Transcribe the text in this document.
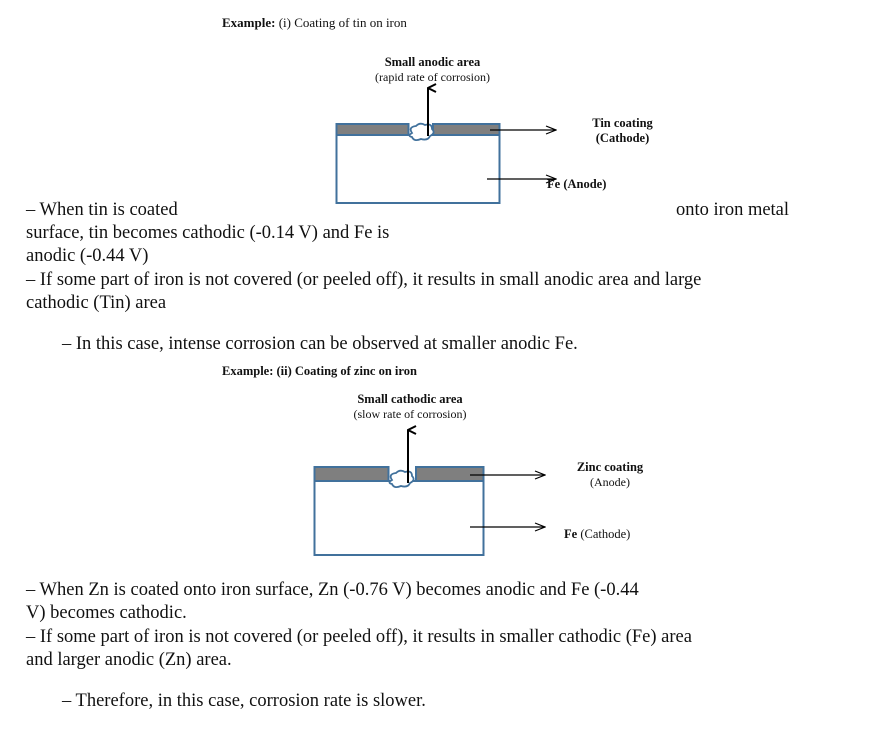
Example: (i) Coating of tin on iron
Small anodic area
(rapid rate of corrosion)
Tin coating
(Cathode)
Fe (Anode)
– When tin is coated	onto iron metal
surface, tin becomes cathodic (-0.14 V) and Fe is
anodic (-0.44 V)
– If some part of iron is not covered (or peeled off), it results in small anodic area and large
cathodic (Tin) area
– In this case, intense corrosion can be observed at smaller anodic Fe.
Example: (ii) Coating of zinc on iron
Small cathodic area
(slow rate of corrosion)
Zinc coating
(Anode)
Fe (Cathode)
– When Zn is coated onto iron surface, Zn (-0.76 V) becomes anodic and Fe (-0.44
V) becomes cathodic.
– If some part of iron is not covered (or peeled off), it results in smaller cathodic (Fe) area
and larger anodic (Zn) area.
– Therefore, in this case, corrosion rate is slower.
